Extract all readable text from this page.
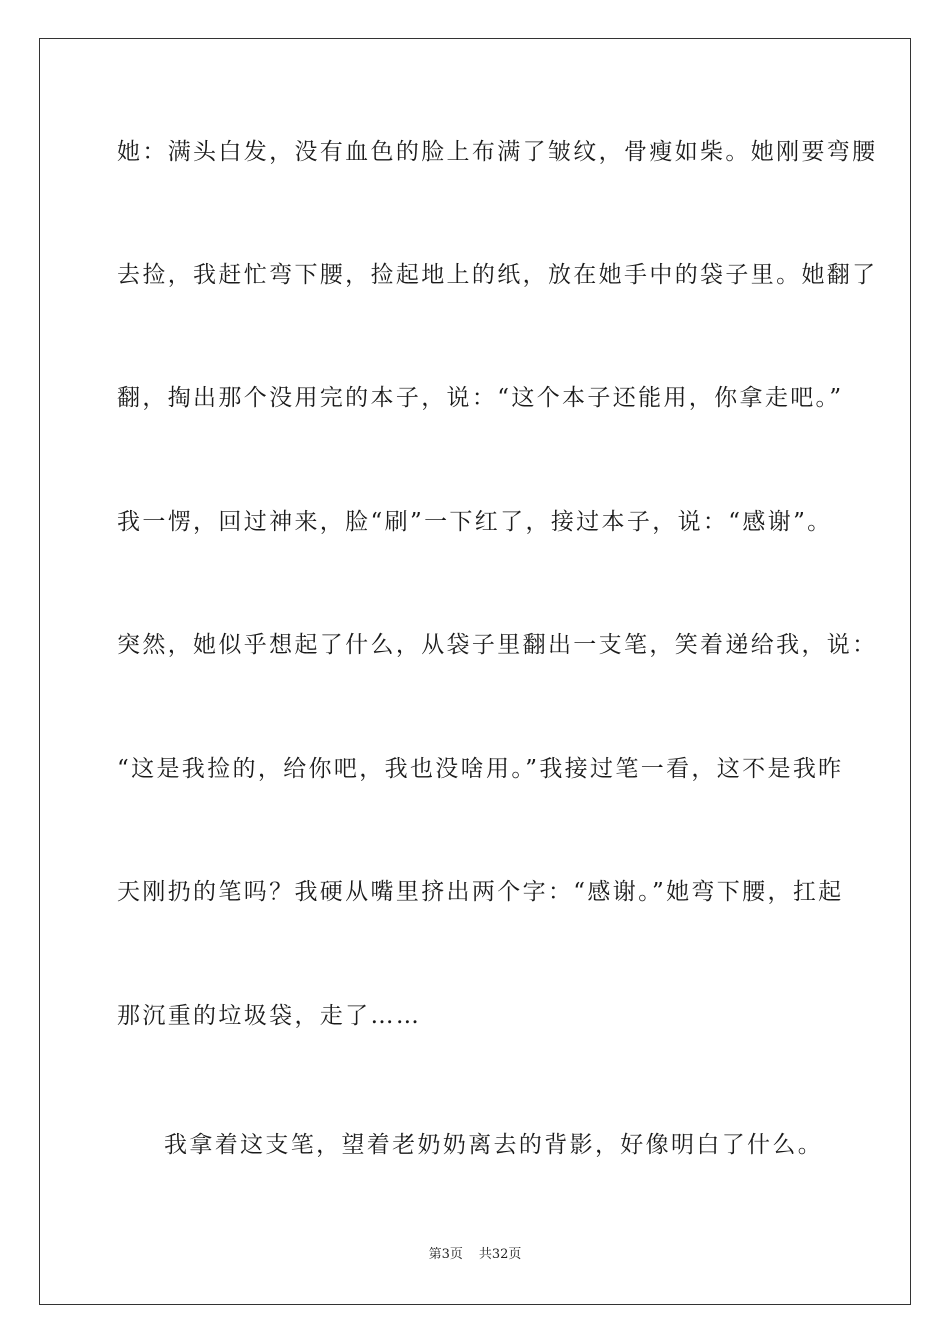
她：满头白发，没有血色的脸上布满了皱纹，骨瘦如柴。她刚要弯腰
去捡，我赶忙弯下腰，捡起地上的纸，放在她手中的袋子里。她翻了
翻，掏出那个没用完的本子，说：“这个本子还能用，你拿走吧。”
我一愣，回过神来，脸“刷”一下红了，接过本子，说：“感谢”。
突然，她似乎想起了什么，从袋子里翻出一支笔，笑着递给我，说：
“这是我捡的，给你吧，我也没啥用。”我接过笔一看，这不是我昨
天刚扔的笔吗？我硬从嘴里挤出两个字：“感谢。”她弯下腰，扛起
那沉重的垃圾袋，走了……
我拿着这支笔，望着老奶奶离去的背影，好像明白了什么。
第3页 共32页
